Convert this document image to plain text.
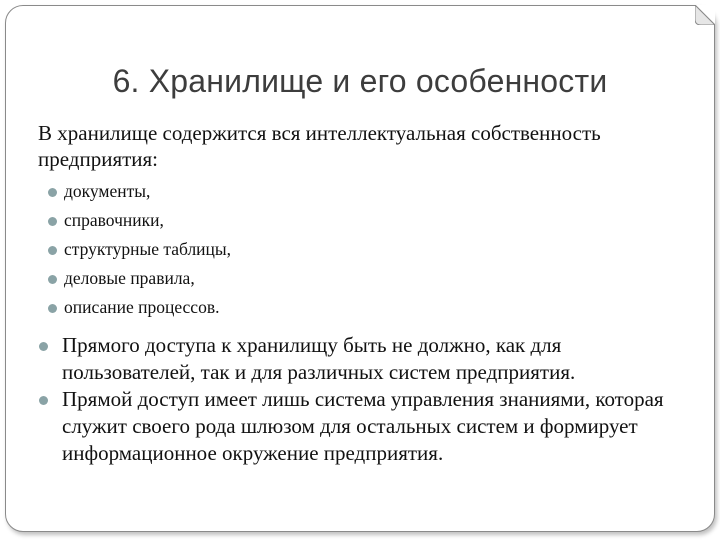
6. Хранилище и его особенности
В хранилище содержится вся интеллектуальная собственность предприятия:
документы,
справочники,
структурные таблицы,
деловые правила,
описание процессов.
Прямого доступа к хранилищу быть не должно, как для пользователей, так и для различных систем предприятия.
Прямой доступ имеет лишь система управления знаниями, которая служит своего рода шлюзом для остальных систем и формирует информационное окружение предприятия.
